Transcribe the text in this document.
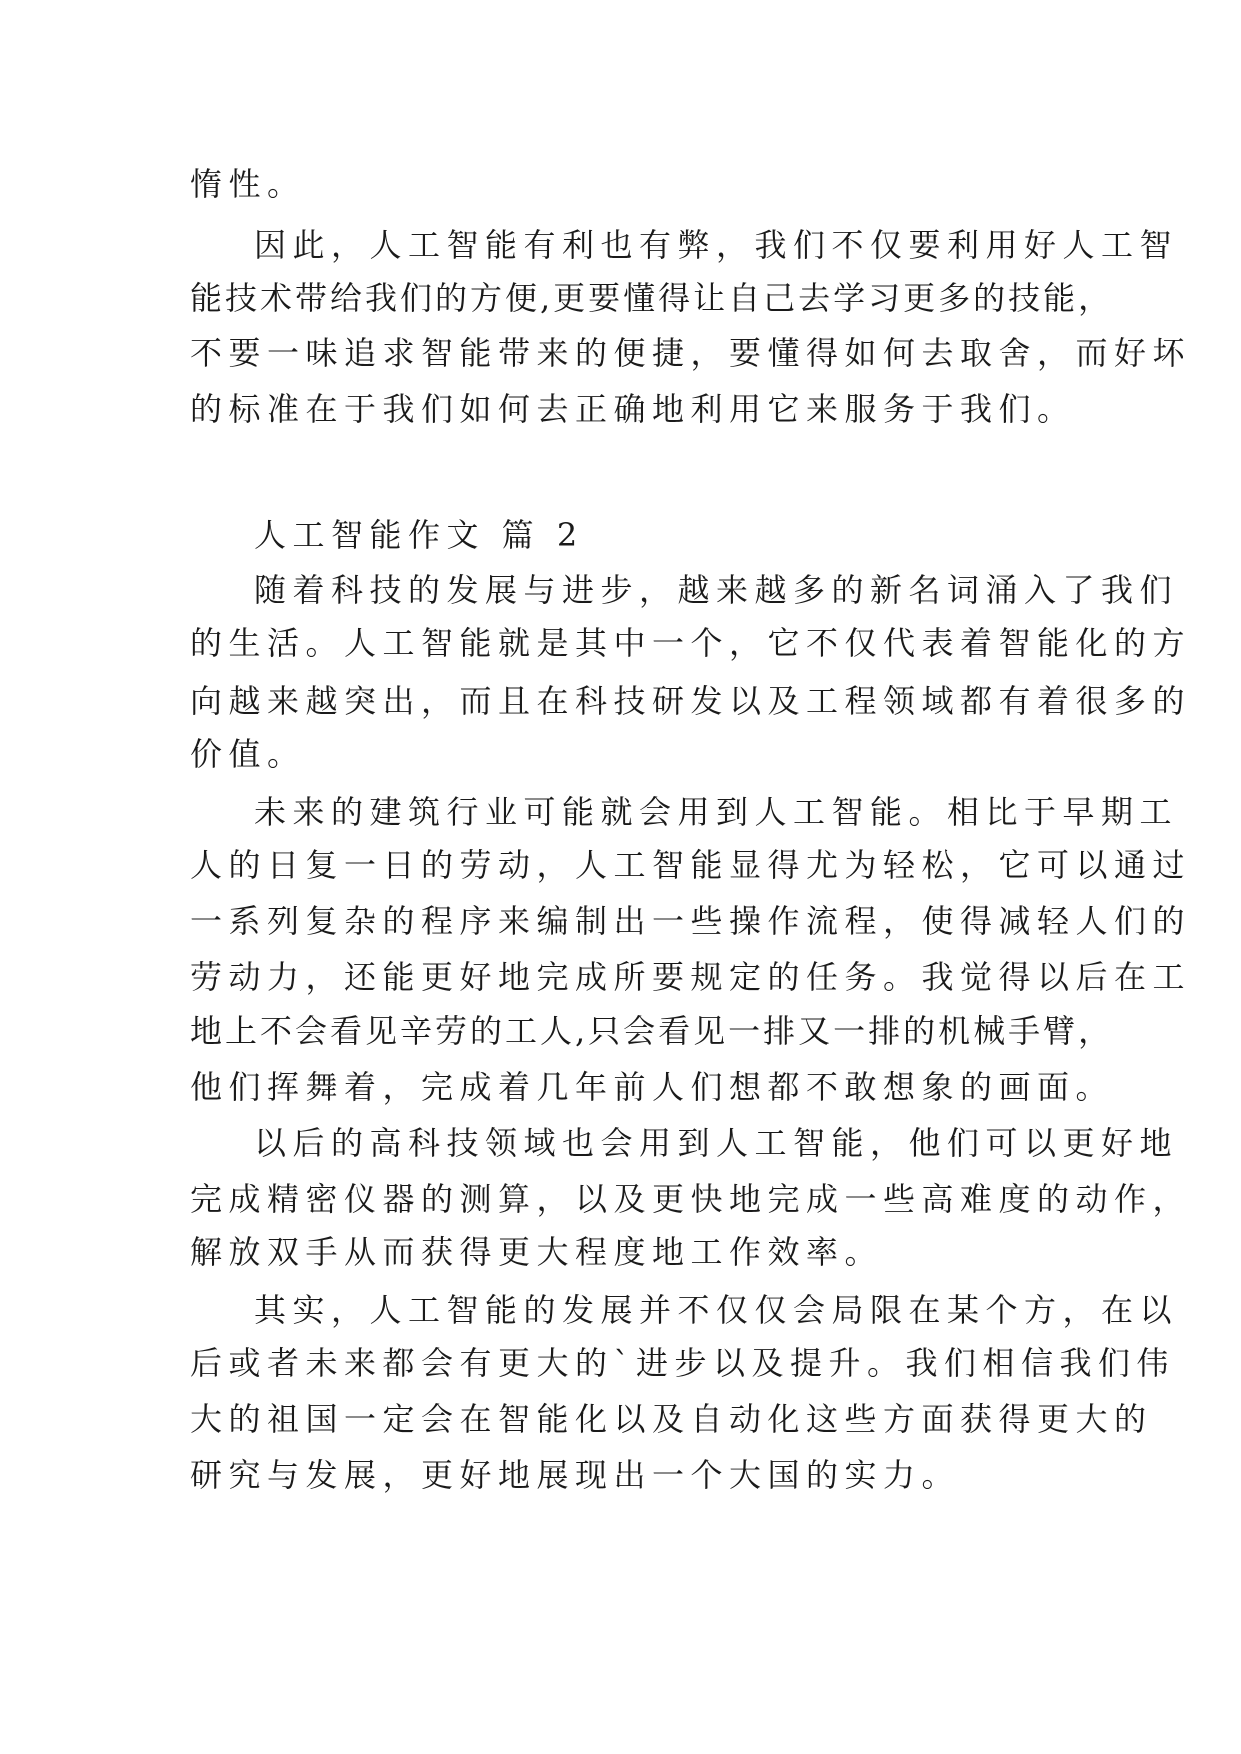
惰性。
因此，人工智能有利也有弊，我们不仅要利用好人工智
能技术带给我们的方便,更要懂得让自己去学习更多的技能，
不要一味追求智能带来的便捷，要懂得如何去取舍，而好坏
的标准在于我们如何去正确地利用它来服务于我们。
人工智能作文 篇 2
随着科技的发展与进步，越来越多的新名词涌入了我们
的生活。人工智能就是其中一个，它不仅代表着智能化的方
向越来越突出，而且在科技研发以及工程领域都有着很多的
价值。
未来的建筑行业可能就会用到人工智能。相比于早期工
人的日复一日的劳动，人工智能显得尤为轻松，它可以通过
一系列复杂的程序来编制出一些操作流程，使得减轻人们的
劳动力，还能更好地完成所要规定的任务。我觉得以后在工
地上不会看见辛劳的工人,只会看见一排又一排的机械手臂，
他们挥舞着，完成着几年前人们想都不敢想象的画面。
以后的高科技领域也会用到人工智能，他们可以更好地
完成精密仪器的测算，以及更快地完成一些高难度的动作，
解放双手从而获得更大程度地工作效率。
其实，人工智能的发展并不仅仅会局限在某个方，在以
后或者未来都会有更大的`进步以及提升。我们相信我们伟
大的祖国一定会在智能化以及自动化这些方面获得更大的
研究与发展，更好地展现出一个大国的实力。
